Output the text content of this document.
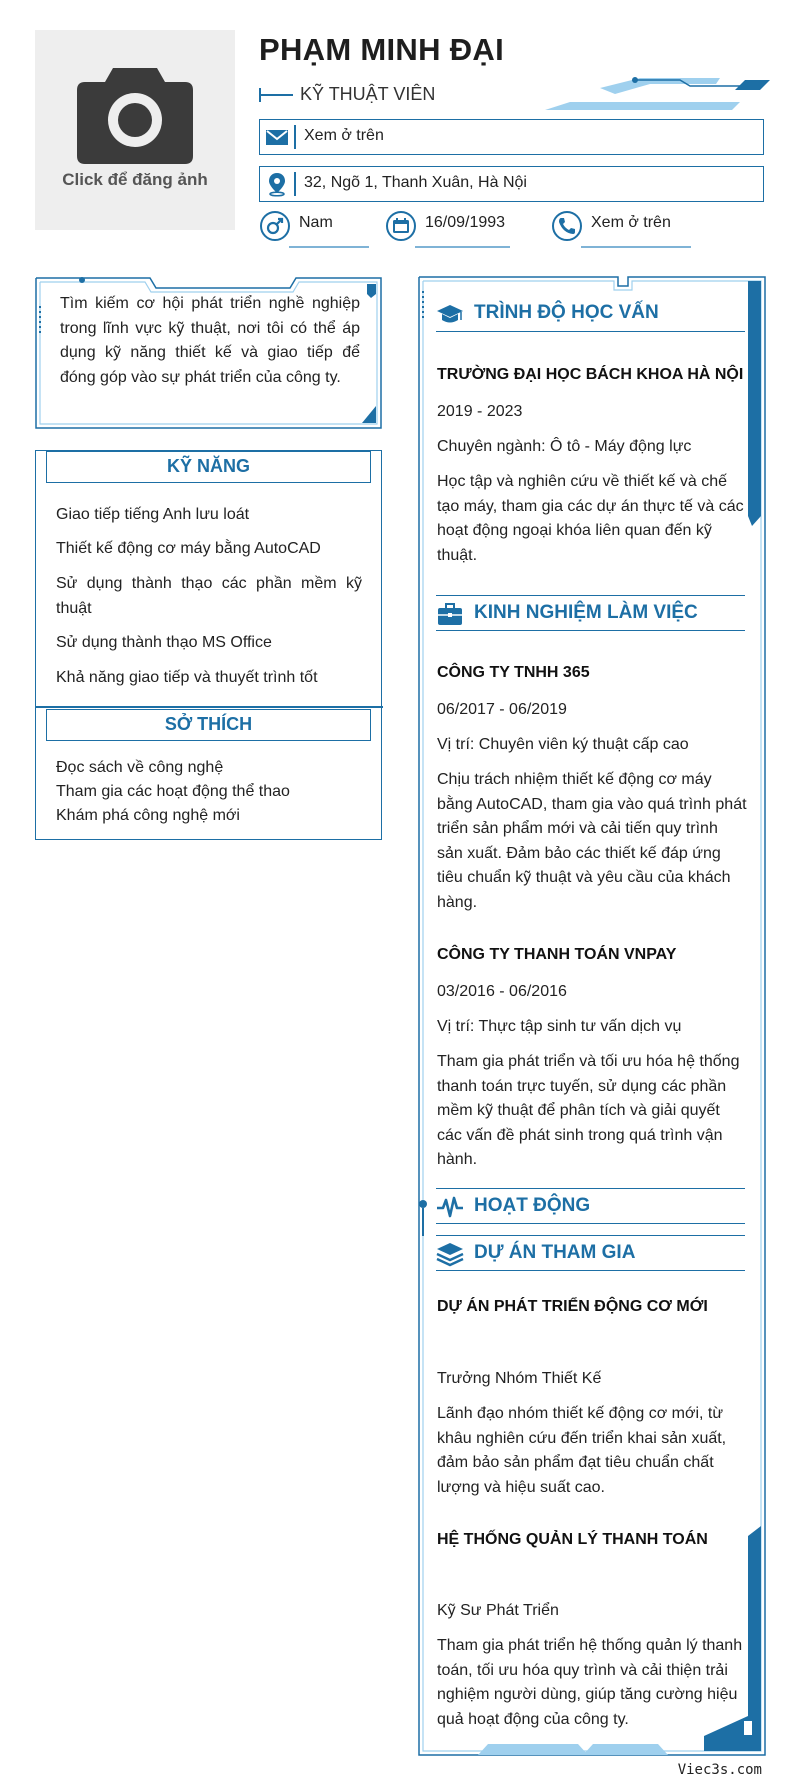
Click để đăng ảnh
PHẠM MINH ĐẠI
KỸ THUẬT VIÊN
Xem ở trên
32, Ngõ 1, Thanh Xuân, Hà Nội
Nam	16/09/1993	Xem ở trên
Tìm kiếm cơ hội phát triển nghề nghiệp trong lĩnh vực kỹ thuật, nơi tôi có thể áp dụng kỹ năng thiết kế và giao tiếp để đóng góp vào sự phát triển của công ty.
KỸ NĂNG
Giao tiếp tiếng Anh lưu loát
Thiết kế động cơ máy bằng AutoCAD
Sử dụng thành thạo các phần mềm kỹ thuật
Sử dụng thành thạo MS Office
Khả năng giao tiếp và thuyết trình tốt
SỞ THÍCH
Đọc sách về công nghệ
Tham gia các hoạt động thể thao
Khám phá công nghệ mới
TRÌNH ĐỘ HỌC VẤN
TRƯỜNG ĐẠI HỌC BÁCH KHOA HÀ NỘI
2019 - 2023
Chuyên ngành: Ô tô - Máy động lực
Học tập và nghiên cứu về thiết kế và chế tạo máy, tham gia các dự án thực tế và các hoạt động ngoại khóa liên quan đến kỹ thuật.
KINH NGHIỆM LÀM VIỆC
CÔNG TY TNHH 365
06/2017 - 06/2019
Vị trí: Chuyên viên ký thuật cấp cao
Chịu trách nhiệm thiết kế động cơ máy bằng AutoCAD, tham gia vào quá trình phát triển sản phẩm mới và cải tiến quy trình sản xuất. Đảm bảo các thiết kế đáp ứng tiêu chuẩn kỹ thuật và yêu cầu của khách hàng.
CÔNG TY THANH TOÁN VNPAY
03/2016 - 06/2016
Vị trí: Thực tập sinh tư vấn dịch vụ
Tham gia phát triển và tối ưu hóa hệ thống thanh toán trực tuyến, sử dụng các phần mềm kỹ thuật để phân tích và giải quyết các vấn đề phát sinh trong quá trình vận hành.
HOẠT ĐỘNG
DỰ ÁN THAM GIA
DỰ ÁN PHÁT TRIỂN ĐỘNG CƠ MỚI
Trưởng Nhóm Thiết Kế
Lãnh đạo nhóm thiết kế động cơ mới, từ khâu nghiên cứu đến triển khai sản xuất, đảm bảo sản phẩm đạt tiêu chuẩn chất lượng và hiệu suất cao.
HỆ THỐNG QUẢN LÝ THANH TOÁN
Kỹ Sư Phát Triển
Tham gia phát triển hệ thống quản lý thanh toán, tối ưu hóa quy trình và cải thiện trải nghiệm người dùng, giúp tăng cường hiệu quả hoạt động của công ty.
Viec3s.com
